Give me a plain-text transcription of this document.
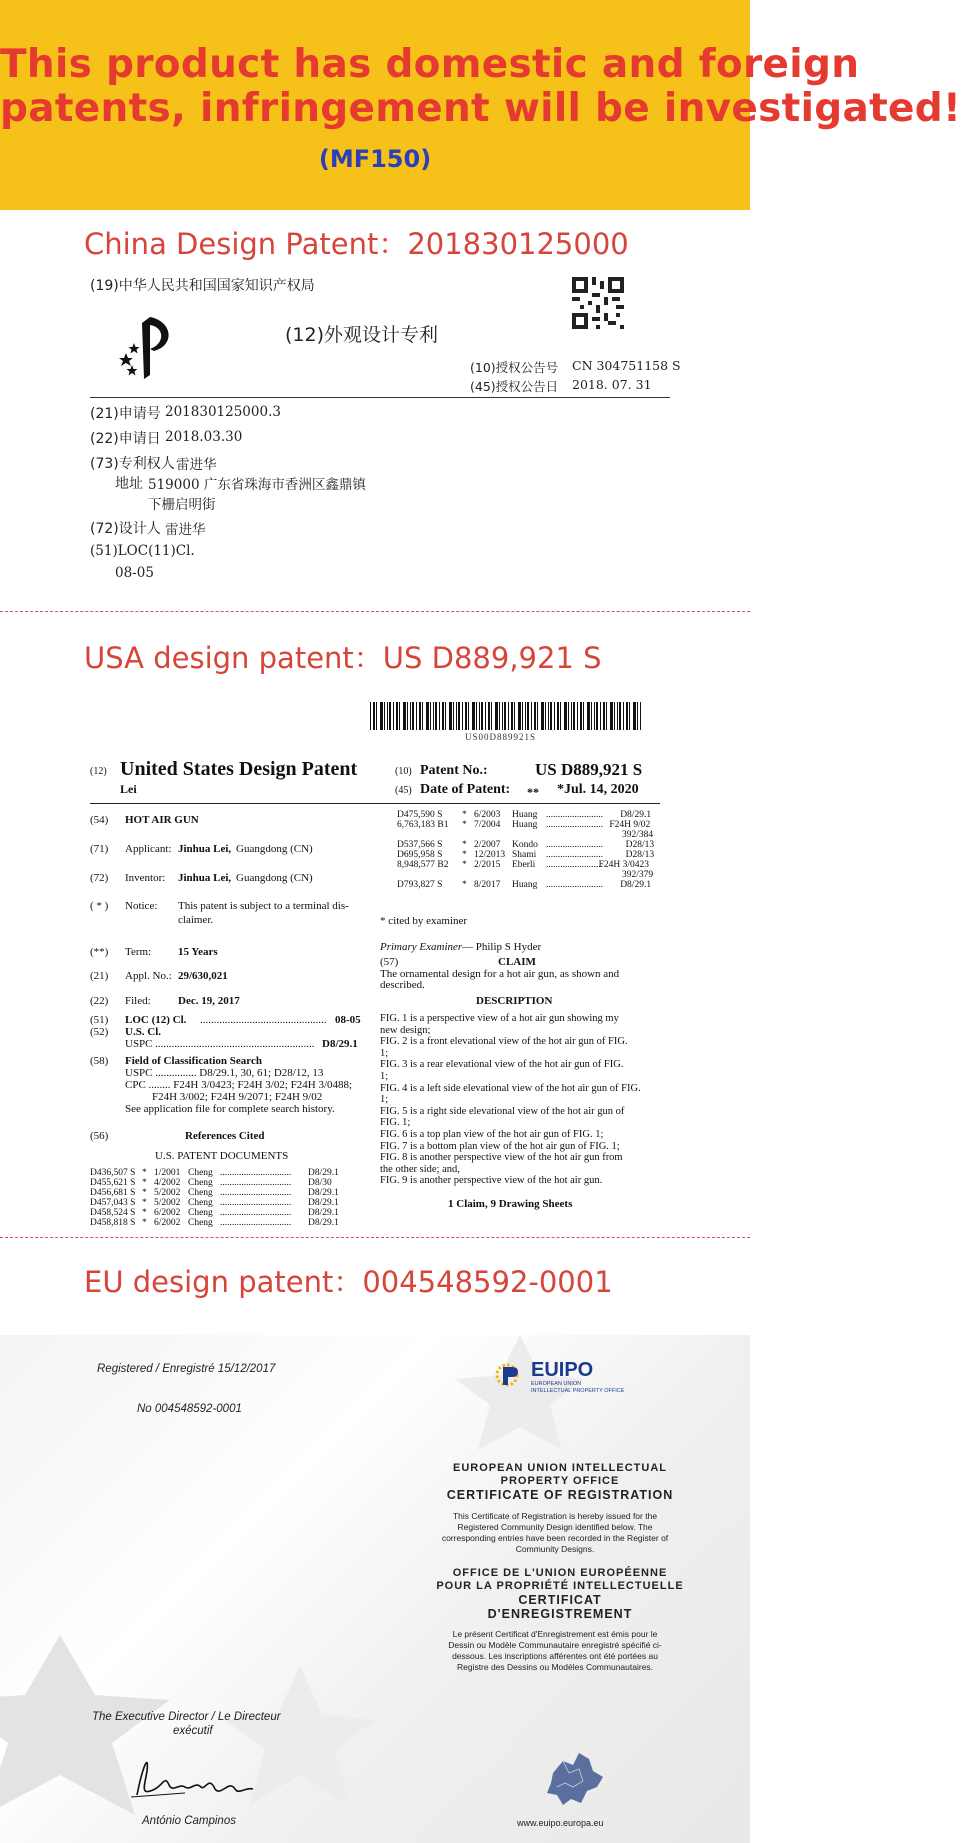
This product has domestic and foreign
patents, infringement will be investigated!
(MF150)
China Design Patent：201830125000
(19)中华人民共和国国家知识产权局
(12)外观设计专利
(10)授权公告号 CN 304751158 S
(45)授权公告日 2018. 07. 31
(21)申请号 201830125000.3
(22)申请日 2018.03.30
(73)专利权人 雷进华
地址 519000 广东省珠海市香洲区鑫鼎镇
下栅启明街
(72)设计人 雷进华
(51)LOC(11)Cl.
08-05
USA design patent：US D889,921 S
US00D889921S
(12) United States Design Patent
Lei
(10) Patent No.:	US D889,921 S
(45) Date of Patent: ** *Jul. 14, 2020
(54) HOT AIR GUN
(71) Applicant: Jinhua Lei, Guangdong (CN)
(72) Inventor: Jinhua Lei, Guangdong (CN)
( * ) Notice: This patent is subject to a terminal dis-
claimer.
(**) Term: 15 Years
(21) Appl. No.: 29/630,021
(22) Filed: Dec. 19, 2017
(51) LOC (12) Cl. .............................................. 08-05
(52) U.S. Cl.
USPC .......................................................... D8/29.1
(58) Field of Classification Search
USPC ............... D8/29.1, 30, 61; D28/12, 13
CPC ........ F24H 3/0423; F24H 3/02; F24H 3/0488;
F24H 3/002; F24H 9/2071; F24H 9/02
See application file for complete search history.
(56)	References Cited
U.S. PATENT DOCUMENTS
D436,507 S * 1/2001 Cheng .............................. D8/29.1
D455,621 S * 4/2002 Cheng .............................. D8/30
D456,681 S * 5/2002 Cheng .............................. D8/29.1
D457,043 S * 5/2002 Cheng .............................. D8/29.1
D458,524 S * 6/2002 Cheng .............................. D8/29.1
D458,818 S * 6/2002 Cheng .............................. D8/29.1
D475,590 S * 6/2003 Huang ........................ D8/29.1
6,763,183 B1 * 7/2004 Huang ........................ F24H 9/02
392/384
D537,566 S * 2/2007 Kondo ........................ D28/13
D695,958 S * 12/2013 Shami ........................ D28/13
8,948,577 B2 * 2/2015 Eberli ........................
F24H 3/0423
392/379
D793,827 S * 8/2017 Huang ........................ D8/29.1
* cited by examiner
Primary Examiner — Philip S Hyder
(57)	CLAIM
The ornamental design for a hot air gun, as shown and
described.
DESCRIPTION
FIG. 1 is a perspective view of a hot air gun showing my
new design;
FIG. 2 is a front elevational view of the hot air gun of FIG.
1;
FIG. 3 is a rear elevational view of the hot air gun of FIG.
1;
FIG. 4 is a left side elevational view of the hot air gun of FIG.
1;
FIG. 5 is a right side elevational view of the hot air gun of
FIG. 1;
FIG. 6 is a top plan view of the hot air gun of FIG. 1;
FIG. 7 is a bottom plan view of the hot air gun of FIG. 1;
FIG. 8 is another perspective view of the hot air gun from
the other side; and,
FIG. 9 is another perspective view of the hot air gun.
1 Claim, 9 Drawing Sheets
EU design patent：004548592-0001
Registered / Enregistré 15/12/2017
No 004548592-0001
EUIPO
EUROPEAN UNION
INTELLECTUAL PROPERTY OFFICE
EUROPEAN UNION INTELLECTUAL
PROPERTY OFFICE
CERTIFICATE OF REGISTRATION
This Certificate of Registration is hereby issued for the Registered Community Design identified below. The corresponding entries have been recorded in the Register of Community Designs.
OFFICE DE L'UNION EUROPÉENNE
POUR LA PROPRIÉTÉ INTELLECTUELLE
CERTIFICAT
D'ENREGISTREMENT
Le présent Certificat d'Enregistrement est émis pour le Dessin ou Modèle Communautaire enregistré spécifié ci-dessous. Les inscriptions afférentes ont été portées au Registre des Dessins ou Modèles Communautaires.
The Executive Director / Le Directeur
exécutif
António Campinos	www.euipo.europa.eu
